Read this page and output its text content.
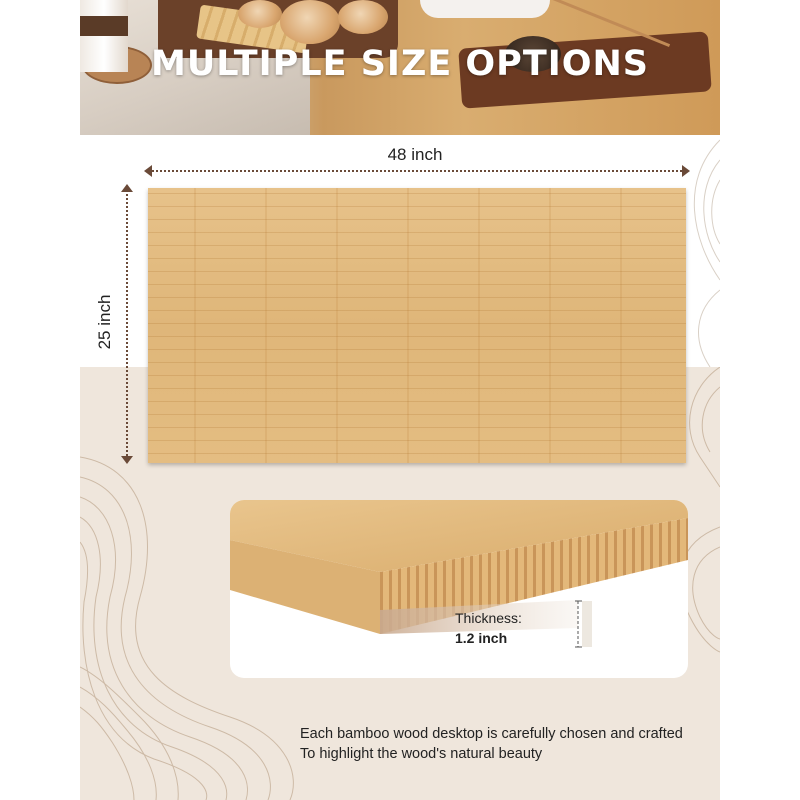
MULTIPLE SIZE OPTIONS
48 inch
25 inch
Thickness:
1.2 inch
Each bamboo wood desktop is carefully chosen and crafted
To highlight the wood's natural beauty
